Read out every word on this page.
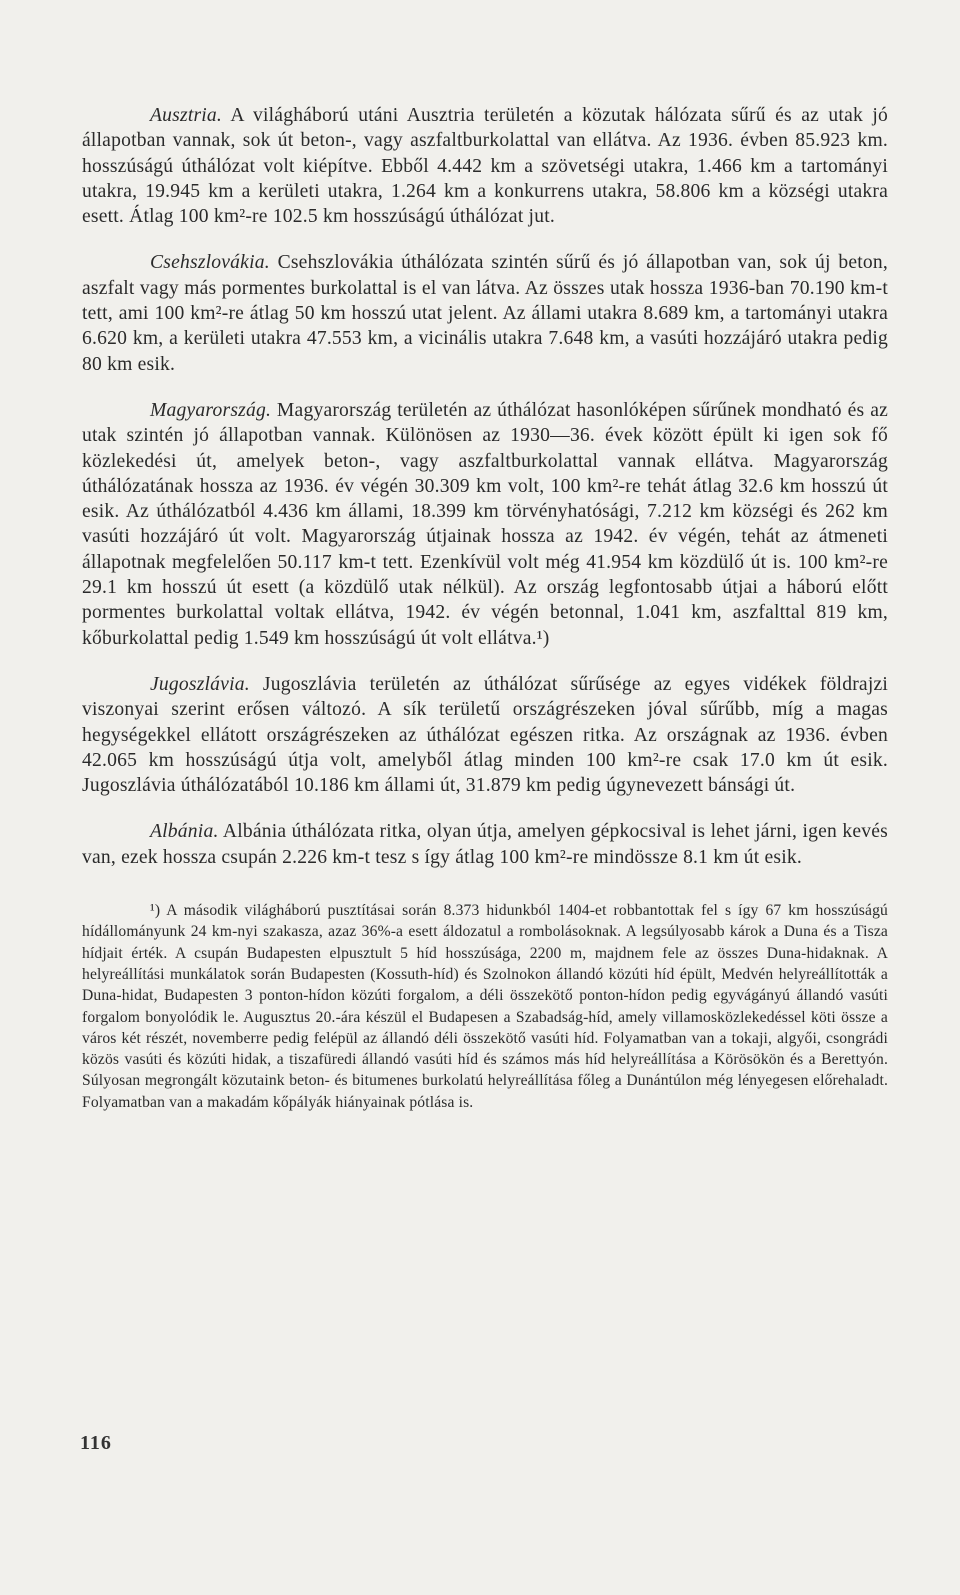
Ausztria. A világháború utáni Ausztria területén a közutak hálózata sűrű és az utak jó állapotban vannak, sok út beton-, vagy aszfaltburkolattal van ellátva. Az 1936. évben 85.923 km. hosszúságú úthálózat volt kiépítve. Ebből 4.442 km a szövetségi utakra, 1.466 km a tartományi utakra, 19.945 km a kerületi utakra, 1.264 km a konkurrens utakra, 58.806 km a községi utakra esett. Átlag 100 km²-re 102.5 km hosszúságú úthálózat jut.

Csehszlovákia. Csehszlovákia úthálózata szintén sűrű és jó állapotban van, sok új beton, aszfalt vagy más pormentes burkolattal is el van látva. Az összes utak hossza 1936-ban 70.190 km-t tett, ami 100 km²-re átlag 50 km hosszú utat jelent. Az állami utakra 8.689 km, a tartományi utakra 6.620 km, a kerületi utakra 47.553 km, a vicinális utakra 7.648 km, a vasúti hozzájáró utakra pedig 80 km esik.

Magyarország. Magyarország területén az úthálózat hasonlóképen sűrűnek mondható és az utak szintén jó állapotban vannak. Különösen az 1930—36. évek között épült ki igen sok fő közlekedési út, amelyek beton-, vagy aszfaltburkolattal vannak ellátva. Magyarország úthálózatának hossza az 1936. év végén 30.309 km volt, 100 km²-re tehát átlag 32.6 km hosszú út esik. Az úthálózatból 4.436 km állami, 18.399 km törvényhatósági, 7.212 km községi és 262 km vasúti hozzájáró út volt. Magyarország útjainak hossza az 1942. év végén, tehát az átmeneti állapotnak megfelelően 50.117 km-t tett. Ezenkívül volt még 41.954 km közdülő út is. 100 km²-re 29.1 km hosszú út esett (a közdülő utak nélkül). Az ország legfontosabb útjai a háború előtt pormentes burkolattal voltak ellátva, 1942. év végén betonnal, 1.041 km, aszfalttal 819 km, kőburkolattal pedig 1.549 km hosszúságú út volt ellátva.¹)

Jugoszlávia. Jugoszlávia területén az úthálózat sűrűsége az egyes vidékek földrajzi viszonyai szerint erősen változó. A sík területű országrészeken jóval sűrűbb, míg a magas hegységekkel ellátott országrészeken az úthálózat egészen ritka. Az országnak az 1936. évben 42.065 km hosszúságú útja volt, amelyből átlag minden 100 km²-re csak 17.0 km út esik. Jugoszlávia úthálózatából 10.186 km állami út, 31.879 km pedig úgynevezett bánsági út.

Albánia. Albánia úthálózata ritka, olyan útja, amelyen gépkocsival is lehet járni, igen kevés van, ezek hossza csupán 2.226 km-t tesz s így átlag 100 km²-re mindössze 8.1 km út esik.

¹) A második világháború pusztításai során 8.373 hidunkból 1404-et robbantottak fel s így 67 km hosszúságú hídállományunk 24 km-nyi szakasza, azaz 36%-a esett áldozatul a rombolásoknak. A legsúlyosabb károk a Duna és a Tisza hídjait érték. A csupán Budapesten elpusztult 5 híd hosszúsága, 2200 m, majdnem fele az összes Duna-hidaknak. A helyreállítási munkálatok során Budapesten (Kossuth-híd) és Szolnokon állandó közúti híd épült, Medvén helyreállították a Duna-hidat, Budapesten 3 ponton-hídon közúti forgalom, a déli összekötő ponton-hídon pedig egyvágányú állandó vasúti forgalom bonyolódik le. Augusztus 20.-ára készül el Budapesen a Szabadság-híd, amely villamosközlekedéssel köti össze a város két részét, novemberre pedig felépül az állandó déli összekötő vasúti híd. Folyamatban van a tokaji, algyői, csongrádi közös vasúti és közúti hidak, a tiszafüredi állandó vasúti híd és számos más híd helyreállítása a Körösökön és a Berettyón. Súlyosan megrongált közutaink beton- és bitumenes burkolatú helyreállítása főleg a Dunántúlon még lényegesen előrehaladt. Folyamatban van a makadám kőpályák hiányainak pótlása is.

116
